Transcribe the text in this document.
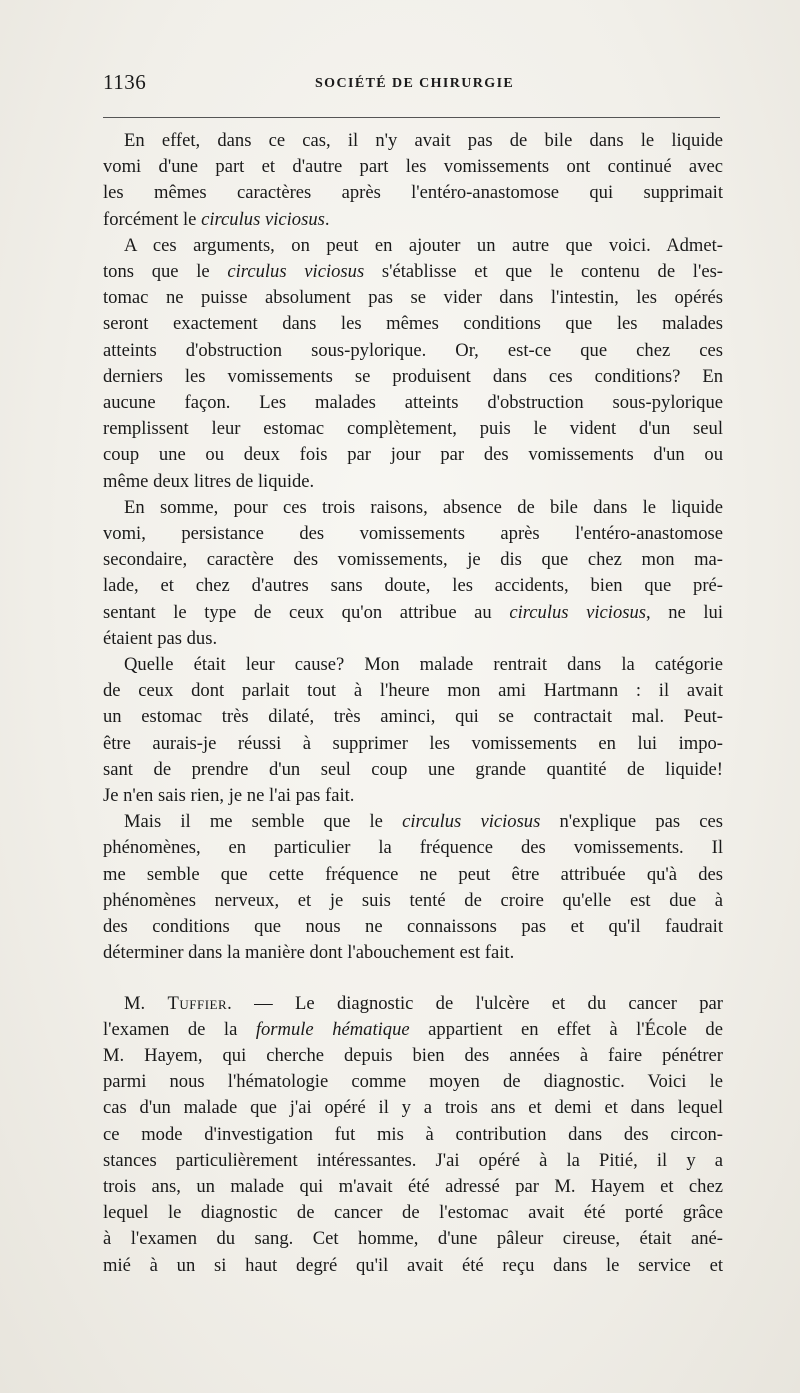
1136	SOCIÉTÉ DE CHIRURGIE
En effet, dans ce cas, il n'y avait pas de bile dans le liquide
vomi d'une part et d'autre part les vomissements ont continué avec
les mêmes caractères après l'entéro-anastomose qui supprimait
forcément le circulus viciosus.
A ces arguments, on peut en ajouter un autre que voici. Admet-
tons que le circulus viciosus s'établisse et que le contenu de l'es-
tomac ne puisse absolument pas se vider dans l'intestin, les opérés
seront exactement dans les mêmes conditions que les malades
atteints d'obstruction sous-pylorique. Or, est-ce que chez ces
derniers les vomissements se produisent dans ces conditions? En
aucune façon. Les malades atteints d'obstruction sous-pylorique
remplissent leur estomac complètement, puis le vident d'un seul
coup une ou deux fois par jour par des vomissements d'un ou
même deux litres de liquide.
En somme, pour ces trois raisons, absence de bile dans le liquide
vomi, persistance des vomissements après l'entéro-anastomose
secondaire, caractère des vomissements, je dis que chez mon ma-
lade, et chez d'autres sans doute, les accidents, bien que pré-
sentant le type de ceux qu'on attribue au circulus viciosus, ne lui
étaient pas dus.
Quelle était leur cause? Mon malade rentrait dans la catégorie
de ceux dont parlait tout à l'heure mon ami Hartmann : il avait
un estomac très dilaté, très aminci, qui se contractait mal. Peut-
être aurais-je réussi à supprimer les vomissements en lui impo-
sant de prendre d'un seul coup une grande quantité de liquide!
Je n'en sais rien, je ne l'ai pas fait.
Mais il me semble que le circulus viciosus n'explique pas ces
phénomènes, en particulier la fréquence des vomissements. Il
me semble que cette fréquence ne peut être attribuée qu'à des
phénomènes nerveux, et je suis tenté de croire qu'elle est due à
des conditions que nous ne connaissons pas et qu'il faudrait
déterminer dans la manière dont l'abouchement est fait.
M. Tuffier. — Le diagnostic de l'ulcère et du cancer par
l'examen de la formule hématique appartient en effet à l'École de
M. Hayem, qui cherche depuis bien des années à faire pénétrer
parmi nous l'hématologie comme moyen de diagnostic. Voici le
cas d'un malade que j'ai opéré il y a trois ans et demi et dans lequel
ce mode d'investigation fut mis à contribution dans des circon-
stances particulièrement intéressantes. J'ai opéré à la Pitié, il y a
trois ans, un malade qui m'avait été adressé par M. Hayem et chez
lequel le diagnostic de cancer de l'estomac avait été porté grâce
à l'examen du sang. Cet homme, d'une pâleur cireuse, était ané-
mié à un si haut degré qu'il avait été reçu dans le service et
